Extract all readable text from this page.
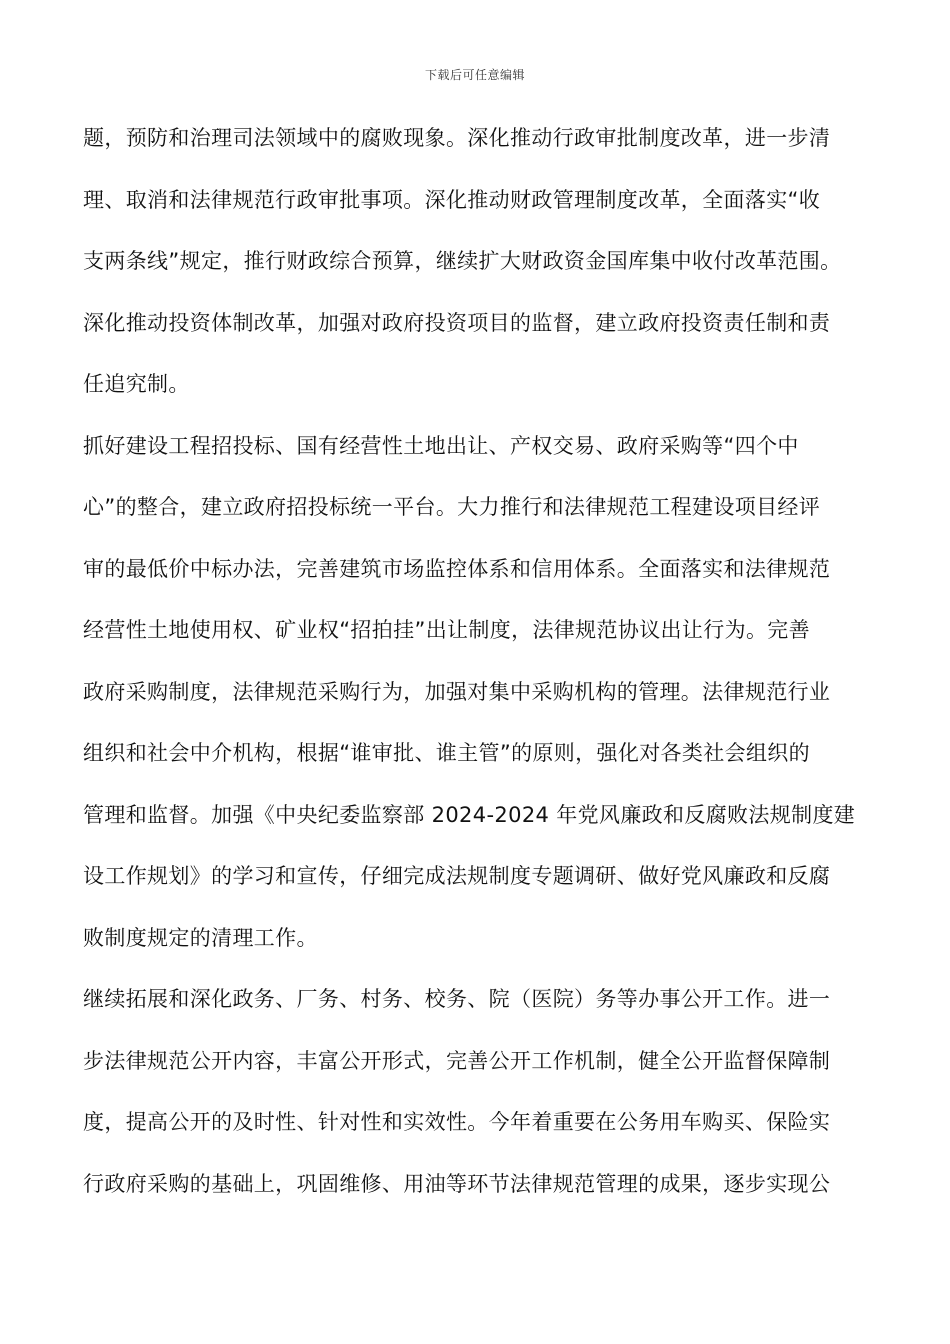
下载后可任意编辑
题，预防和治理司法领域中的腐败现象。深化推动行政审批制度改革，进一步清
理、取消和法律规范行政审批事项。深化推动财政管理制度改革，全面落实“收
支两条线”规定，推行财政综合预算，继续扩大财政资金国库集中收付改革范围。
深化推动投资体制改革，加强对政府投资项目的监督，建立政府投资责任制和责
任追究制。
抓好建设工程招投标、国有经营性土地出让、产权交易、政府采购等“四个中
心”的整合，建立政府招投标统一平台。大力推行和法律规范工程建设项目经评
审的最低价中标办法，完善建筑市场监控体系和信用体系。全面落实和法律规范
经营性土地使用权、矿业权“招拍挂”出让制度，法律规范协议出让行为。完善
政府采购制度，法律规范采购行为，加强对集中采购机构的管理。法律规范行业
组织和社会中介机构，根据“谁审批、谁主管”的原则，强化对各类社会组织的
管理和监督。加强《中央纪委监察部 2024-2024 年党风廉政和反腐败法规制度建
设工作规划》的学习和宣传，仔细完成法规制度专题调研、做好党风廉政和反腐
败制度规定的清理工作。
继续拓展和深化政务、厂务、村务、校务、院（医院）务等办事公开工作。进一
步法律规范公开内容，丰富公开形式，完善公开工作机制，健全公开监督保障制
度，提高公开的及时性、针对性和实效性。今年着重要在公务用车购买、保险实
行政府采购的基础上，巩固维修、用油等环节法律规范管理的成果，逐步实现公
